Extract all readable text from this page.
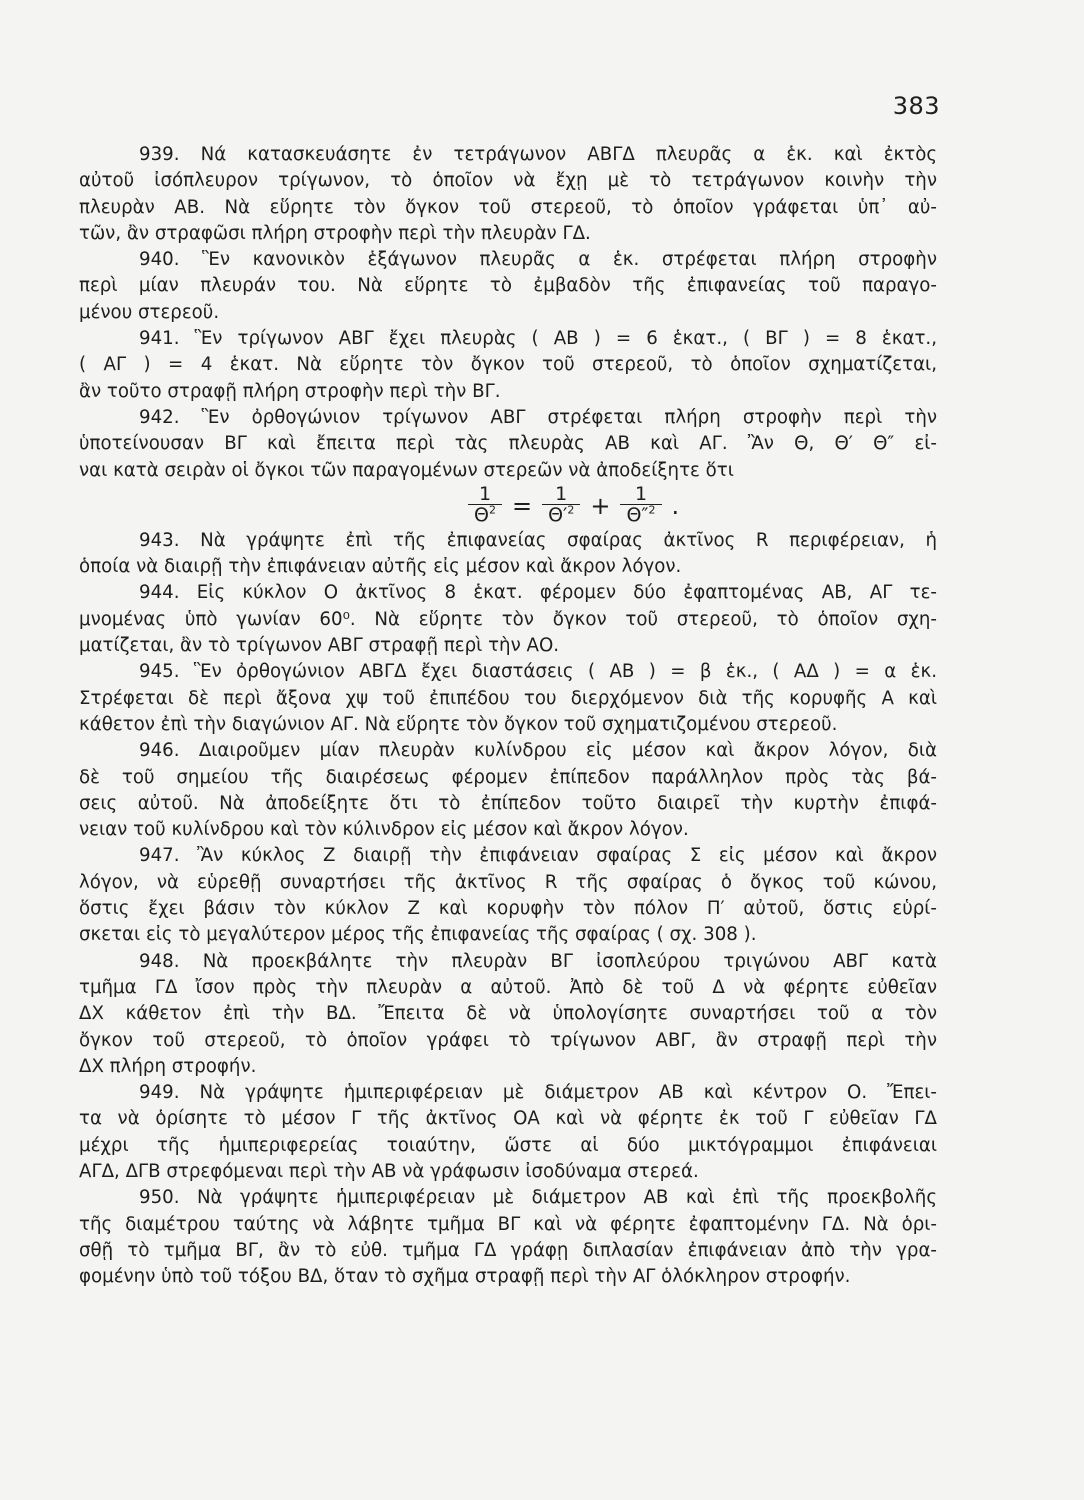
383
939. Νά κατασκευάσητε ἐν τετράγωνον ΑΒΓΔ πλευρᾶς α ἑκ. καὶ ἐκτὸς
αὐτοῦ ἰσόπλευρον τρίγωνον, τὸ ὁποῖον νὰ ἔχῃ μὲ τὸ τετράγωνον κοινὴν τὴν
πλευρὰν ΑΒ. Νὰ εὕρητε τὸν ὄγκον τοῦ στερεοῦ, τὸ ὁποῖον γράφεται ὑπ᾽ αὐ-
τῶν, ἂν στραφῶσι πλήρη στροφὴν περὶ τὴν πλευρὰν ΓΔ.
940. Ἓν κανονικὸν ἑξάγωνον πλευρᾶς α ἑκ. στρέφεται πλήρη στροφὴν
περὶ μίαν πλευράν του. Νὰ εὕρητε τὸ ἐμβαδὸν τῆς ἐπιφανείας τοῦ παραγο-
μένου στερεοῦ.
941. Ἓν τρίγωνον ΑΒΓ ἔχει πλευρὰς ( ΑΒ ) = 6 ἑκατ., ( ΒΓ ) = 8 ἑκατ.,
( ΑΓ ) = 4 ἑκατ. Νὰ εὕρητε τὸν ὄγκον τοῦ στερεοῦ, τὸ ὁποῖον σχηματίζεται,
ἂν τοῦτο στραφῇ πλήρη στροφὴν περὶ τὴν ΒΓ.
942. Ἓν ὀρθογώνιον τρίγωνον ΑΒΓ στρέφεται πλήρη στροφὴν περὶ τὴν
ὑποτείνουσαν ΒΓ καὶ ἔπειτα περὶ τὰς πλευρὰς ΑΒ καὶ ΑΓ. Ἂν Θ, Θ′ Θ″ εἰ-
ναι κατὰ σειρὰν οἱ ὄγκοι τῶν παραγομένων στερεῶν νὰ ἀποδείξητε ὅτι
$\frac{1}{\Theta^2} = \frac{1}{\Theta'^2} + \frac{1}{\Theta''^2}$ .
943. Νὰ γράψητε ἐπὶ τῆς ἐπιφανείας σφαίρας ἀκτῖνος R περιφέρειαν, ἡ
ὁποία νὰ διαιρῇ τὴν ἐπιφάνειαν αὐτῆς εἰς μέσον καὶ ἄκρον λόγον.
944. Εἰς κύκλον Ο ἀκτῖνος 8 ἑκατ. φέρομεν δύο ἐφαπτομένας ΑΒ, ΑΓ τε-
μνομένας ὑπὸ γωνίαν 60⁰. Νὰ εὕρητε τὸν ὄγκον τοῦ στερεοῦ, τὸ ὁποῖον σχη-
ματίζεται, ἂν τὸ τρίγωνον ΑΒΓ στραφῇ περὶ τὴν ΑΟ.
945. Ἓν ὀρθογώνιον ΑΒΓΔ ἔχει διαστάσεις ( ΑΒ ) = β ἑκ., ( ΑΔ ) = α ἑκ.
Στρέφεται δὲ περὶ ἄξονα χψ τοῦ ἐπιπέδου του διερχόμενον διὰ τῆς κορυφῆς Α καὶ
κάθετον ἐπὶ τὴν διαγώνιον ΑΓ. Νὰ εὕρητε τὸν ὄγκον τοῦ σχηματιζομένου στερεοῦ.
946. Διαιροῦμεν μίαν πλευρὰν κυλίνδρου εἰς μέσον καὶ ἄκρον λόγον, διὰ
δὲ τοῦ σημείου τῆς διαιρέσεως φέρομεν ἐπίπεδον παράλληλον πρὸς τὰς βά-
σεις αὐτοῦ. Νὰ ἀποδείξητε ὅτι τὸ ἐπίπεδον τοῦτο διαιρεῖ τὴν κυρτὴν ἐπιφά-
νειαν τοῦ κυλίνδρου καὶ τὸν κύλινδρον εἰς μέσον καὶ ἄκρον λόγον.
947. Ἂν κύκλος Ζ διαιρῇ τὴν ἐπιφάνειαν σφαίρας Σ εἰς μέσον καὶ ἄκρον
λόγον, νὰ εὑρεθῇ συναρτήσει τῆς ἀκτῖνος R τῆς σφαίρας ὁ ὄγκος τοῦ κώνου,
ὅστις ἔχει βάσιν τὸν κύκλον Ζ καὶ κορυφὴν τὸν πόλον Π′ αὐτοῦ, ὅστις εὑρί-
σκεται εἰς τὸ μεγαλύτερον μέρος τῆς ἐπιφανείας τῆς σφαίρας ( σχ. 308 ).
948. Νὰ προεκβάλητε τὴν πλευρὰν ΒΓ ἰσοπλεύρου τριγώνου ΑΒΓ κατὰ
τμῆμα ΓΔ ἴσον πρὸς τὴν πλευρὰν α αὐτοῦ. Ἀπὸ δὲ τοῦ Δ νὰ φέρητε εὐθεῖαν
ΔΧ κάθετον ἐπὶ τὴν ΒΔ. Ἔπειτα δὲ νὰ ὑπολογίσητε συναρτήσει τοῦ α τὸν
ὄγκον τοῦ στερεοῦ, τὸ ὁποῖον γράφει τὸ τρίγωνον ΑΒΓ, ἂν στραφῇ περὶ τὴν
ΔΧ πλήρη στροφήν.
949. Νὰ γράψητε ἡμιπεριφέρειαν μὲ διάμετρον ΑΒ καὶ κέντρον Ο. Ἔπει-
τα νὰ ὁρίσητε τὸ μέσον Γ τῆς ἀκτῖνος ΟΑ καὶ νὰ φέρητε ἐκ τοῦ Γ εὐθεῖαν ΓΔ
μέχρι τῆς ἡμιπεριφερείας τοιαύτην, ὥστε αἱ δύο μικτόγραμμοι ἐπιφάνειαι
ΑΓΔ, ΔΓΒ στρεφόμεναι περὶ τὴν ΑΒ νὰ γράφωσιν ἰσοδύναμα στερεά.
950. Νὰ γράψητε ἡμιπεριφέρειαν μὲ διάμετρον ΑΒ καὶ ἐπὶ τῆς προεκβολῆς
τῆς διαμέτρου ταύτης νὰ λάβητε τμῆμα ΒΓ καὶ νὰ φέρητε ἐφαπτομένην ΓΔ. Νὰ ὁρι-
σθῇ τὸ τμῆμα ΒΓ, ἂν τὸ εὐθ. τμῆμα ΓΔ γράφῃ διπλασίαν ἐπιφάνειαν ἀπὸ τὴν γρα-
φομένην ὑπὸ τοῦ τόξου ΒΔ, ὅταν τὸ σχῆμα στραφῇ περὶ τὴν ΑΓ ὁλόκληρον στροφήν.
